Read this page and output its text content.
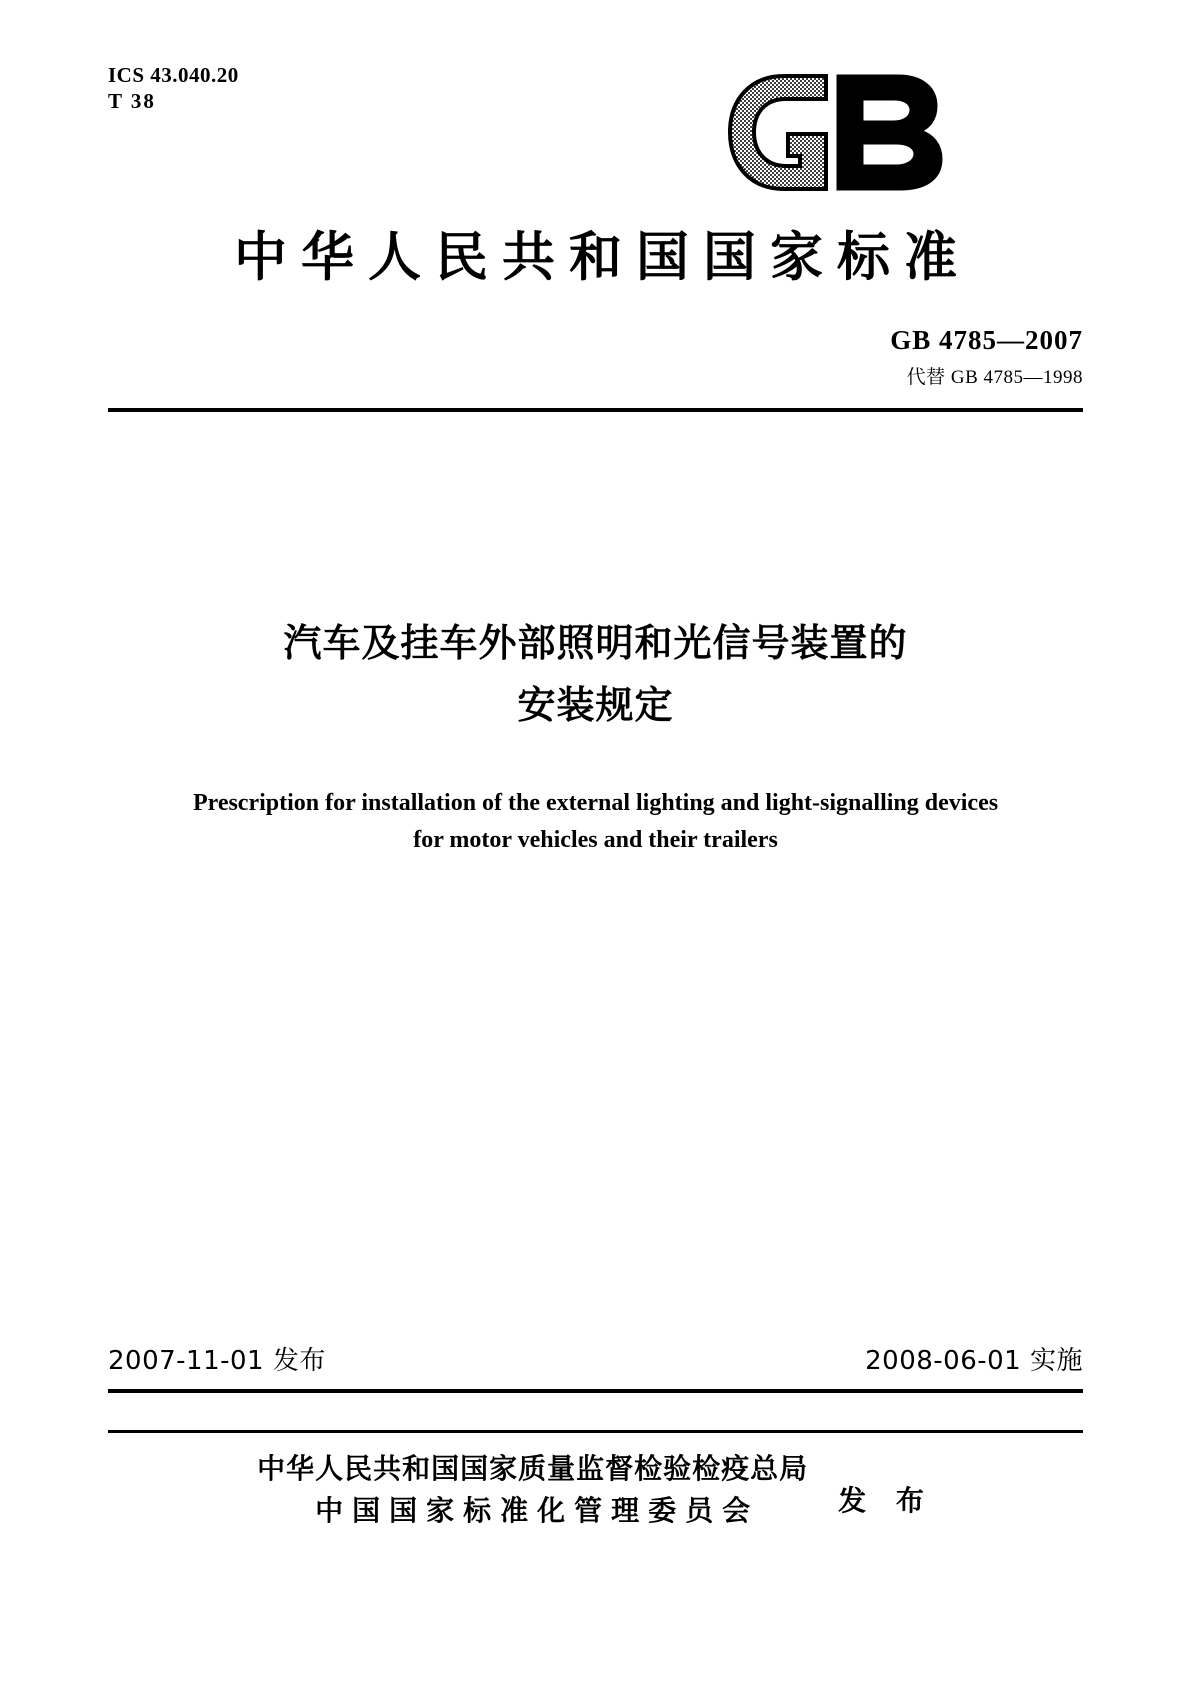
ICS 43.040.20
T 38
中华人民共和国国家标准
GB 4785—2007
代替 GB 4785—1998
汽车及挂车外部照明和光信号装置的
安装规定
Prescription for installation of the external lighting and light-signalling devices
for motor vehicles and their trailers
2007-11-01 发布	2008-06-01 实施
中华人民共和国国家质量监督检验检疫总局
中国国家标准化管理委员会	发 布
